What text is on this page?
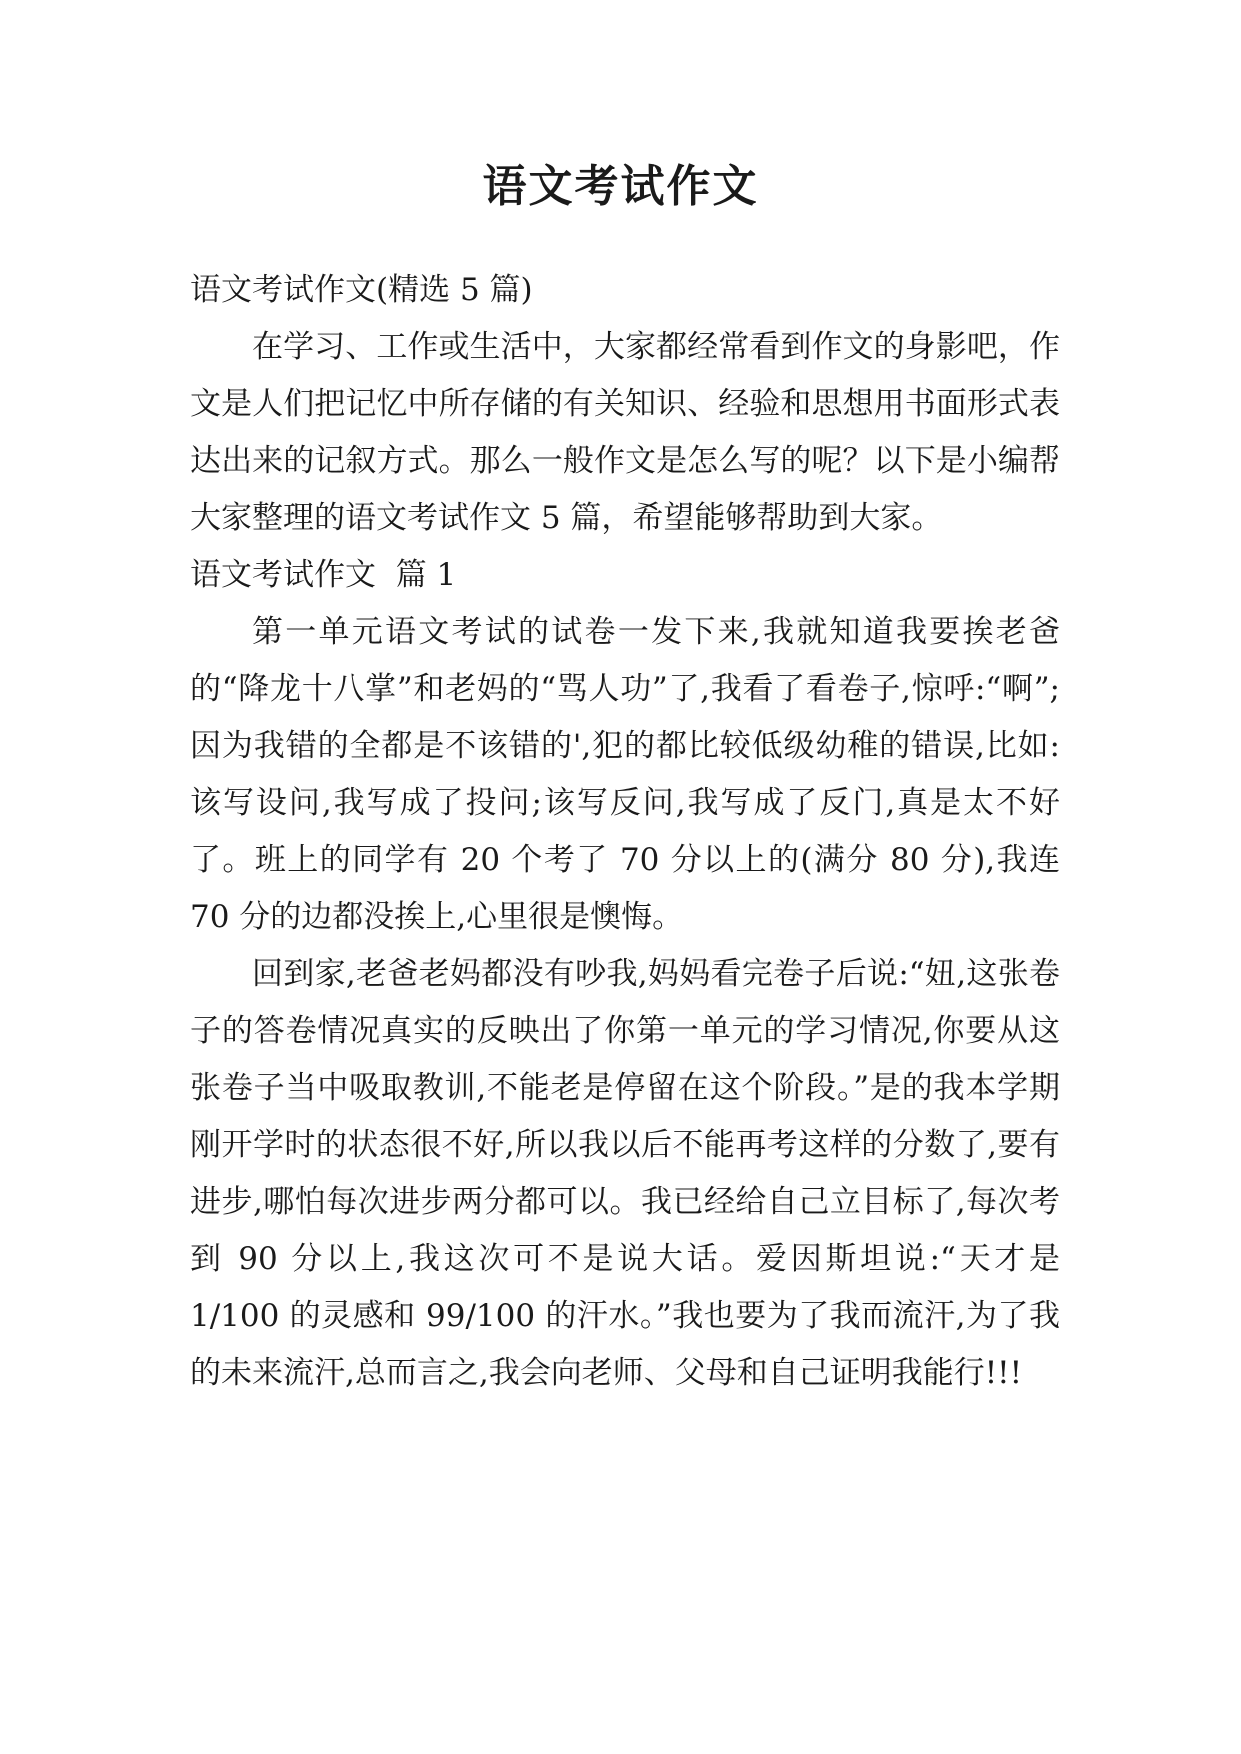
语文考试作文

语文考试作文(精选 5 篇)

在学习、工作或生活中，大家都经常看到作文的身影吧，作文是人们把记忆中所存储的有关知识、经验和思想用书面形式表达出来的记叙方式。那么一般作文是怎么写的呢？以下是小编帮大家整理的语文考试作文 5 篇，希望能够帮助到大家。

语文考试作文  篇 1

第一单元语文考试的试卷一发下来,我就知道我要挨老爸的“降龙十八掌”和老妈的“骂人功”了,我看了看卷子,惊呼:“啊”;因为我错的全都是不该错的',犯的都比较低级幼稚的错误,比如:该写设问,我写成了投问;该写反问,我写成了反门,真是太不好了。班上的同学有 20 个考了 70 分以上的(满分 80 分),我连 70 分的边都没挨上,心里很是懊悔。

回到家,老爸老妈都没有吵我,妈妈看完卷子后说:“妞,这张卷子的答卷情况真实的反映出了你第一单元的学习情况,你要从这张卷子当中吸取教训,不能老是停留在这个阶段。”是的我本学期刚开学时的状态很不好,所以我以后不能再考这样的分数了,要有进步,哪怕每次进步两分都可以。我已经给自己立目标了,每次考到 90 分以上,我这次可不是说大话。爱因斯坦说:“天才是 1/100 的灵感和 99/100 的汗水。”我也要为了我而流汗,为了我的未来流汗,总而言之,我会向老师、父母和自己证明我能行!!!
